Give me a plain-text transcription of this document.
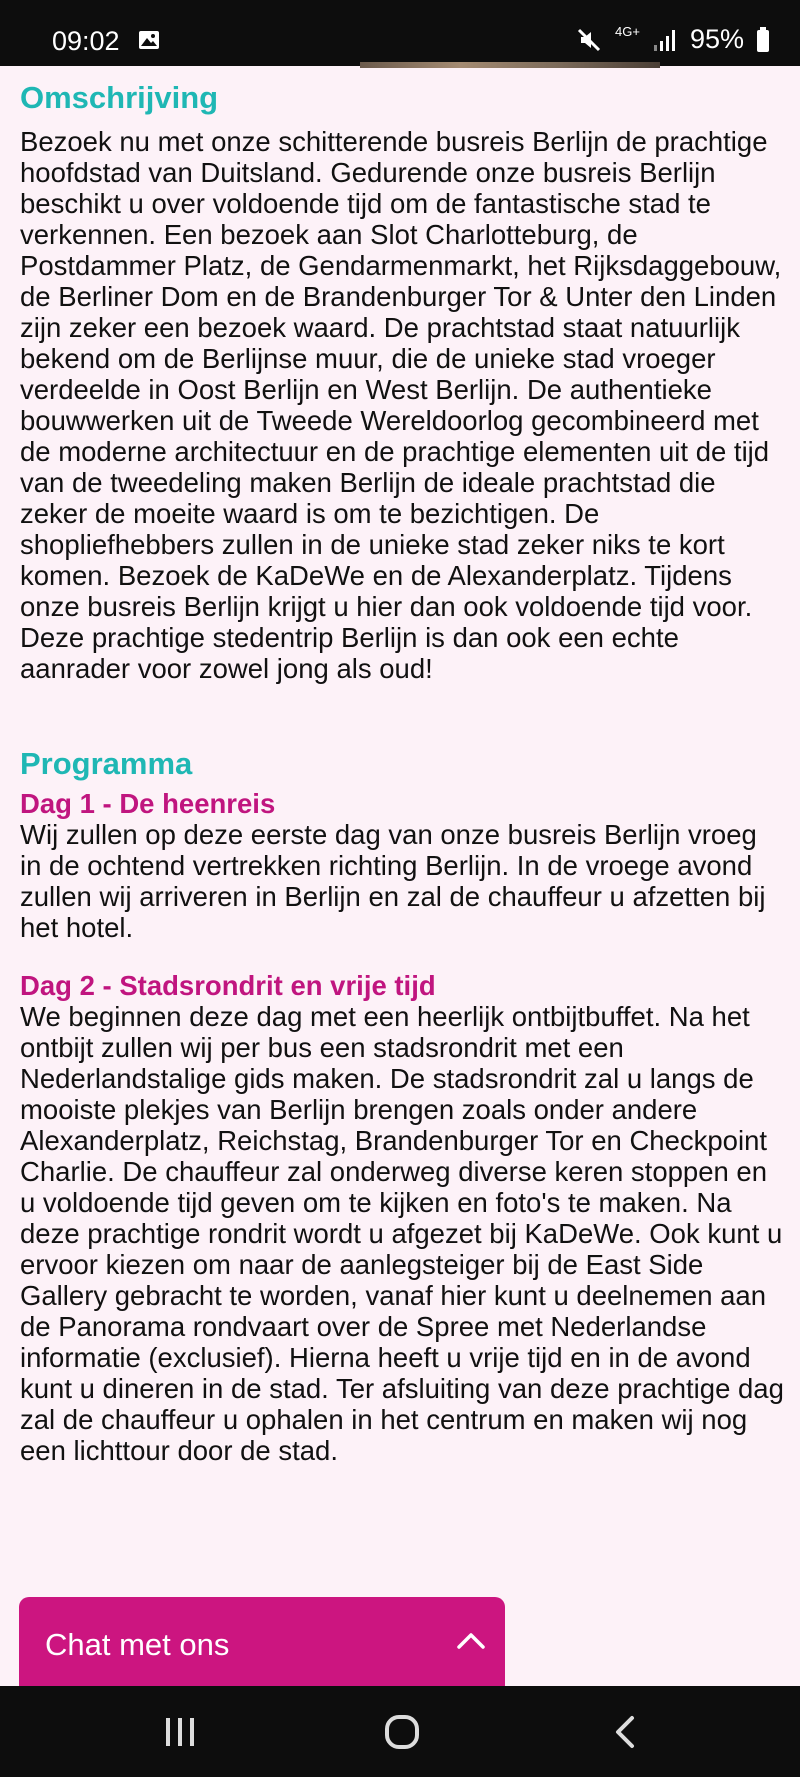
09:02	4G+ 95%
Omschrijving

Bezoek nu met onze schitterende busreis Berlijn de prachtige hoofdstad van Duitsland. Gedurende onze busreis Berlijn beschikt u over voldoende tijd om de fantastische stad te verkennen. Een bezoek aan Slot Charlotteburg, de Postdammer Platz, de Gendarmenmarkt, het Rijksdaggebouw, de Berliner Dom en de Brandenburger Tor & Unter den Linden zijn zeker een bezoek waard. De prachtstad staat natuurlijk bekend om de Berlijnse muur, die de unieke stad vroeger verdeelde in Oost Berlijn en West Berlijn. De authentieke bouwwerken uit de Tweede Wereldoorlog gecombineerd met de moderne architectuur en de prachtige elementen uit de tijd van de tweedeling maken Berlijn de ideale prachtstad die zeker de moeite waard is om te bezichtigen. De shopliefhebbers zullen in de unieke stad zeker niks te kort komen. Bezoek de KaDeWe en de Alexanderplatz. Tijdens onze busreis Berlijn krijgt u hier dan ook voldoende tijd voor. Deze prachtige stedentrip Berlijn is dan ook een echte aanrader voor zowel jong als oud!

Programma
Dag 1 - De heenreis

Wij zullen op deze eerste dag van onze busreis Berlijn vroeg in de ochtend vertrekken richting Berlijn. In de vroege avond zullen wij arriveren in Berlijn en zal de chauffeur u afzetten bij het hotel.

Dag 2 - Stadsrondrit en vrije tijd

We beginnen deze dag met een heerlijk ontbijtbuffet. Na het ontbijt zullen wij per bus een stadsrondrit met een Nederlandstalige gids maken. De stadsrondrit zal u langs de mooiste plekjes van Berlijn brengen zoals onder andere Alexanderplatz, Reichstag, Brandenburger Tor en Checkpoint Charlie. De chauffeur zal onderweg diverse keren stoppen en u voldoende tijd geven om te kijken en foto's te maken. Na deze prachtige rondrit wordt u afgezet bij KaDeWe. Ook kunt u ervoor kiezen om naar de aanlegsteiger bij de East Side Gallery gebracht te worden, vanaf hier kunt u deelnemen aan de Panorama rondvaart over de Spree met Nederlandse informatie (exclusief). Hierna heeft u vrije tijd en in de avond kunt u dineren in de stad. Ter afsluiting van deze prachtige dag zal de chauffeur u ophalen in het centrum en maken wij nog een lichttour door de stad.

Chat met ons
